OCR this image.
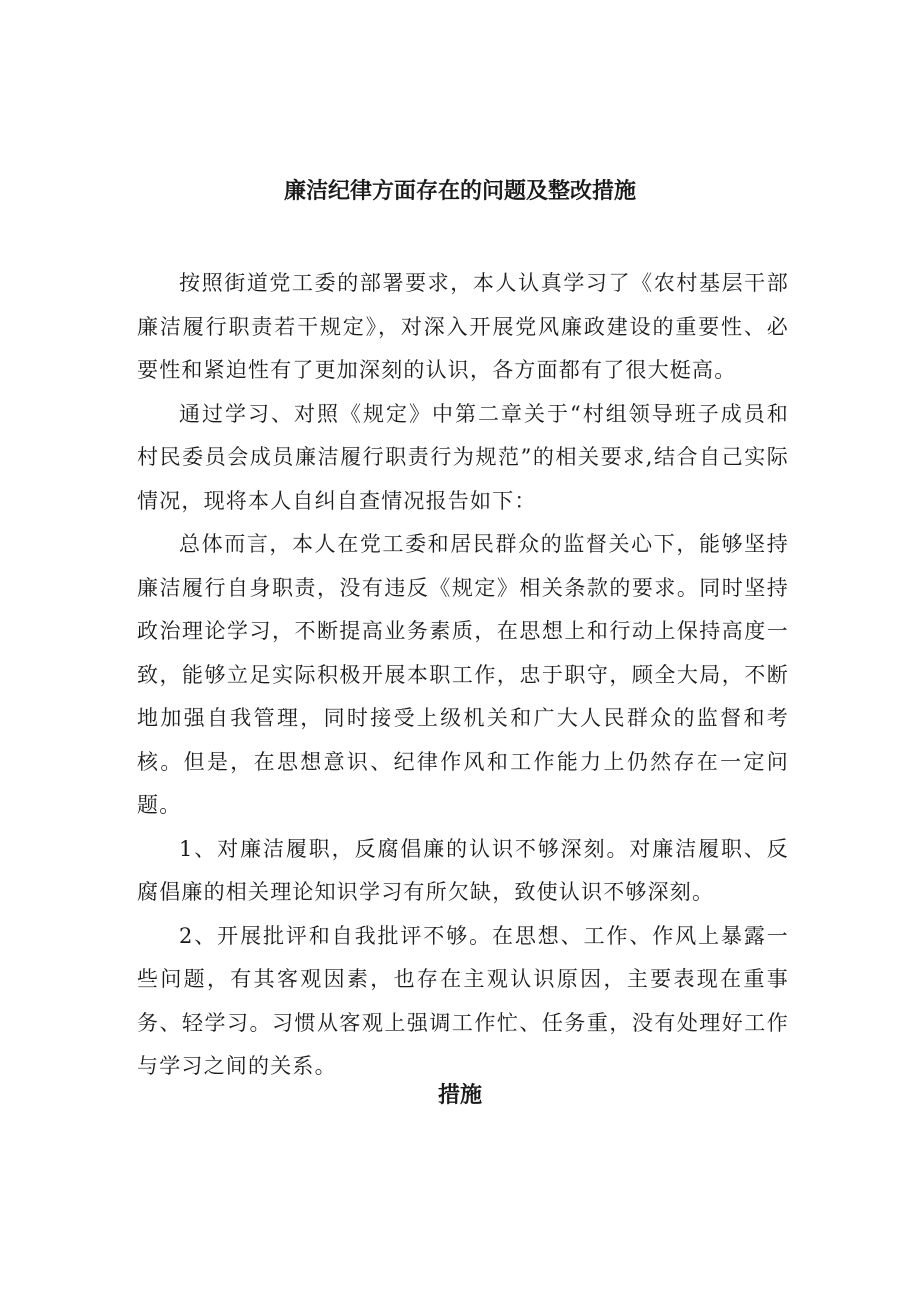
廉洁纪律方面存在的问题及整改措施

按照街道党工委的部署要求，本人认真学习了《农村基层干部廉洁履行职责若干规定》，对深入开展党风廉政建设的重要性、必要性和紧迫性有了更加深刻的认识，各方面都有了很大梃高。

通过学习、对照《规定》中第二章关于“村组领导班子成员和村民委员会成员廉洁履行职责行为规范”的相关要求,结合自己实际情况，现将本人自纠自查情况报告如下：

总体而言，本人在党工委和居民群众的监督关心下，能够坚持廉洁履行自身职责，没有违反《规定》相关条款的要求。同时坚持政治理论学习，不断提高业务素质，在思想上和行动上保持高度一致，能够立足实际积极开展本职工作，忠于职守，顾全大局，不断地加强自我管理，同时接受上级机关和广大人民群众的监督和考核。但是，在思想意识、纪律作风和工作能力上仍然存在一定问题。

1、对廉洁履职，反腐倡廉的认识不够深刻。对廉洁履职、反腐倡廉的相关理论知识学习有所欠缺，致使认识不够深刻。

2、开展批评和自我批评不够。在思想、工作、作风上暴露一些问题，有其客观因素，也存在主观认识原因，主要表现在重事务、轻学习。习惯从客观上强调工作忙、任务重，没有处理好工作与学习之间的关系。

措施
